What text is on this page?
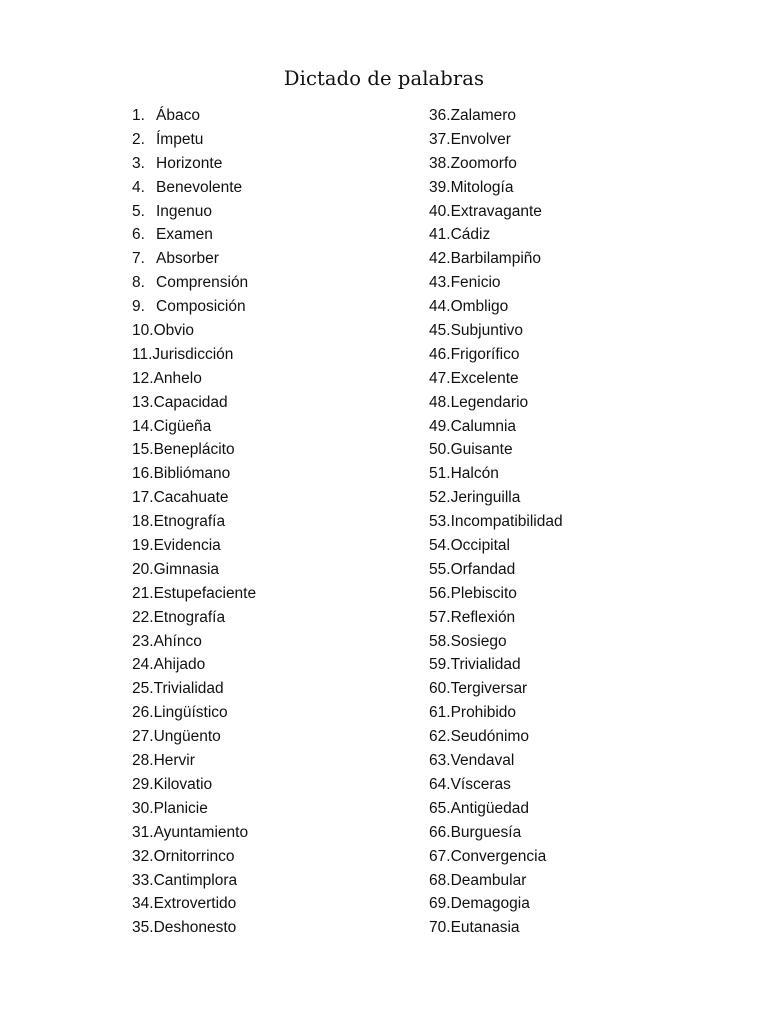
Dictado de palabras
1. Ábaco
2. Ímpetu
3. Horizonte
4. Benevolente
5. Ingenuo
6. Examen
7. Absorber
8. Comprensión
9. Composición
10. Obvio
11. Jurisdicción
12. Anhelo
13. Capacidad
14. Cigüeña
15. Beneplácito
16. Bibliómano
17. Cacahuate
18. Etnografía
19. Evidencia
20. Gimnasia
21. Estupefaciente
22. Etnografía
23. Ahínco
24. Ahijado
25. Trivialidad
26. Lingüístico
27. Ungüento
28. Hervir
29. Kilovatio
30. Planicie
31. Ayuntamiento
32. Ornitorrinco
33. Cantimplora
34. Extrovertido
35. Deshonesto
36. Zalamero
37. Envolver
38. Zoomorfo
39. Mitología
40. Extravagante
41. Cádiz
42. Barbilampiño
43. Fenicio
44. Ombligo
45. Subjuntivo
46. Frigorífico
47. Excelente
48. Legendario
49. Calumnia
50. Guisante
51. Halcón
52. Jeringuilla
53. Incompatibilidad
54. Occipital
55. Orfandad
56. Plebiscito
57. Reflexión
58. Sosiego
59. Trivialidad
60. Tergiversar
61. Prohibido
62. Seudónimo
63. Vendaval
64. Vísceras
65. Antigüedad
66. Burguesía
67. Convergencia
68. Deambular
69. Demagogia
70. Eutanasia
